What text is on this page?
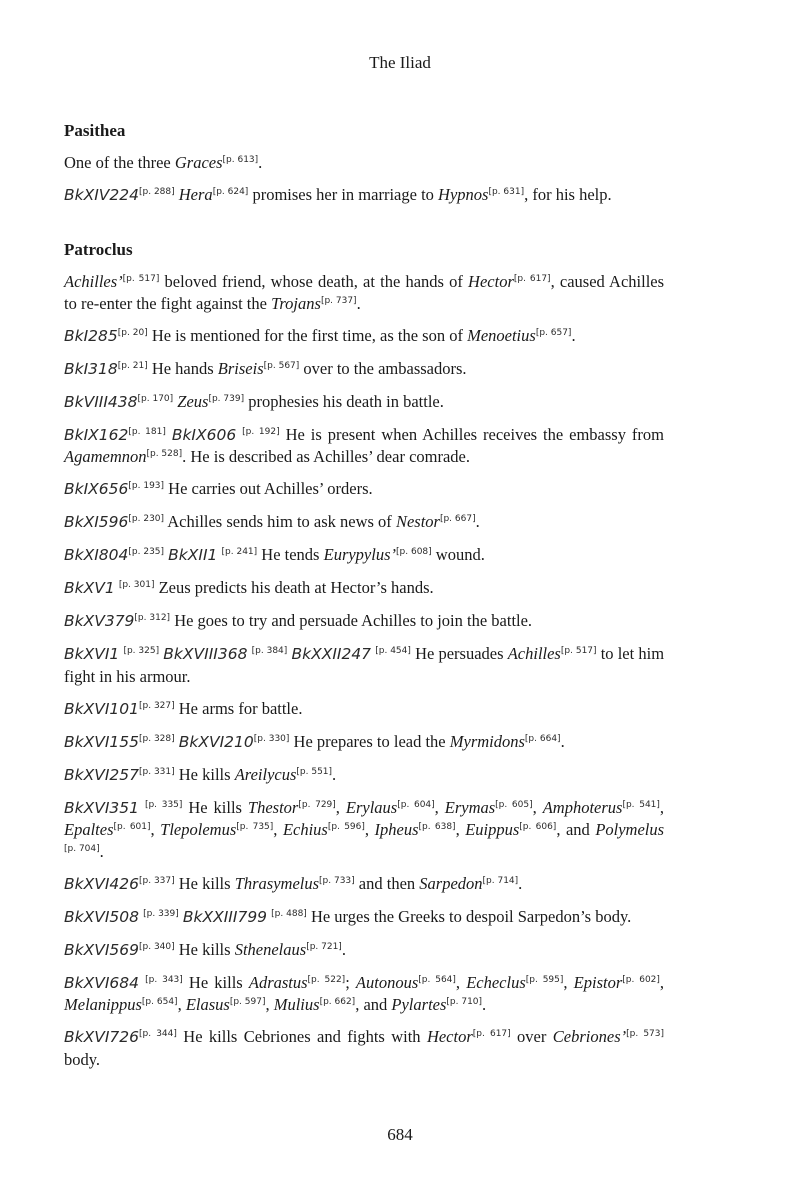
The Iliad
Pasithea
One of the three Graces[p. 613].
BkXIV224[p. 288] Hera[p. 624] promises her in marriage to Hypnos[p. 631], for his help.
Patroclus
Achilles’[p. 517] beloved friend, whose death, at the hands of Hector[p. 617], caused Achilles to re-enter the fight against the Trojans[p. 737].
BkI285[p. 20] He is mentioned for the first time, as the son of Menoetius[p. 657].
BkI318[p. 21] He hands Briseis[p. 567] over to the ambassadors.
BkVIII438[p. 170] Zeus[p. 739] prophesies his death in battle.
BkIX162[p. 181] BkIX606 [p. 192] He is present when Achilles receives the embassy from Agamemnon[p. 528]. He is described as Achilles’ dear comrade.
BkIX656[p. 193] He carries out Achilles’ orders.
BkXI596[p. 230] Achilles sends him to ask news of Nestor[p. 667].
BkXI804[p. 235] BkXII1 [p. 241] He tends Eurypylus’[p. 608] wound.
BkXV1 [p. 301] Zeus predicts his death at Hector’s hands.
BkXV379[p. 312] He goes to try and persuade Achilles to join the battle.
BkXVI1 [p. 325] BkXVIII368 [p. 384] BkXXII247 [p. 454] He persuades Achilles[p. 517] to let him fight in his armour.
BkXVI101[p. 327] He arms for battle.
BkXVI155[p. 328] BkXVI210[p. 330] He prepares to lead the Myrmidons[p. 664].
BkXVI257[p. 331] He kills Areilycus[p. 551].
BkXVI351 [p. 335] He kills Thestor[p. 729], Erylaus[p. 604], Erymas[p. 605], Amphoterus[p. 541], Epaltes[p. 601], Tlepolemus[p. 735], Echius[p. 596], Ipheus[p. 638], Euippus[p. 606], and Polymelus [p. 704].
BkXVI426[p. 337] He kills Thrasymelus[p. 733] and then Sarpedon[p. 714].
BkXVI508 [p. 339] BkXXIII799 [p. 488] He urges the Greeks to despoil Sarpedon’s body.
BkXVI569[p. 340] He kills Sthenelaus[p. 721].
BkXVI684 [p. 343] He kills Adrastus[p. 522]; Autonous[p. 564], Echeclus[p. 595], Epistor[p. 602], Melanippus[p. 654], Elasus[p. 597], Mulius[p. 662], and Pylartes[p. 710].
BkXVI726[p. 344] He kills Cebriones and fights with Hector[p. 617] over Cebriones’[p. 573] body.
684
